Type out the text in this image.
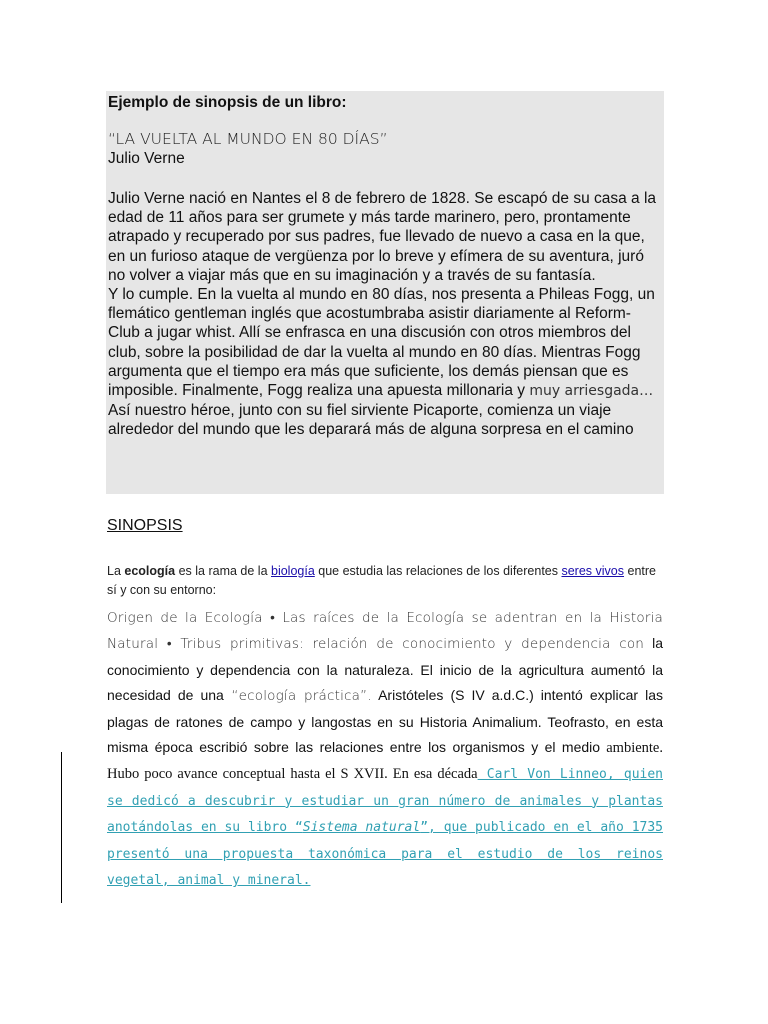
Ejemplo de sinopsis de un libro:

“LA VUELTA AL MUNDO EN 80 DÍAS”

Julio Verne

Julio Verne nació en Nantes el 8 de febrero de 1828. Se escapó de su casa a la edad de 11 años para ser grumete y más tarde marinero, pero, prontamente atrapado y recuperado por sus padres, fue llevado de nuevo a casa en la que, en un furioso ataque de vergüenza por lo breve y efímera de su aventura, juró no volver a viajar más que en su imaginación y a través de su fantasía.

Y lo cumple. En la vuelta al mundo en 80 días, nos presenta a Phileas Fogg, un flemático gentleman inglés que acostumbraba asistir diariamente al Reform-Club a jugar whist. Allí se enfrasca en una discusión con otros miembros del club, sobre la posibilidad de dar la vuelta al mundo en 80 días. Mientras Fogg argumenta que el tiempo era más que suficiente, los demás piensan que es imposible. Finalmente, Fogg realiza una apuesta millonaria y muy arriesgada…

Así nuestro héroe, junto con su fiel sirviente Picaporte, comienza un viaje alrededor del mundo que les deparará más de alguna sorpresa en el camino

SINOPSIS

La ecología es la rama de la biología que estudia las relaciones de los diferentes seres vivos entre sí y con su entorno:

Origen de la Ecología • Las raíces de la Ecología se adentran en la Historia Natural • Tribus primitivas: relación de conocimiento y dependencia con la conocimiento y dependencia con la naturaleza. El inicio de la agricultura aumentó la necesidad de una “ecología práctica”. Aristóteles (S IV a.d.C.) intentó explicar las plagas de ratones de campo y langostas en su Historia Animalium. Teofrasto, en esta misma época escribió sobre las relaciones entre los organismos y el medio ambiente. Hubo poco avance conceptual hasta el S XVII. En esa década Carl Von Linneo, quien se dedicó a descubrir y estudiar un gran número de animales y plantas anotándolas en su libro “Sistema natural”, que publicado en el año 1735 presentó una propuesta taxonómica para el estudio de los reinos vegetal, animal y mineral.
